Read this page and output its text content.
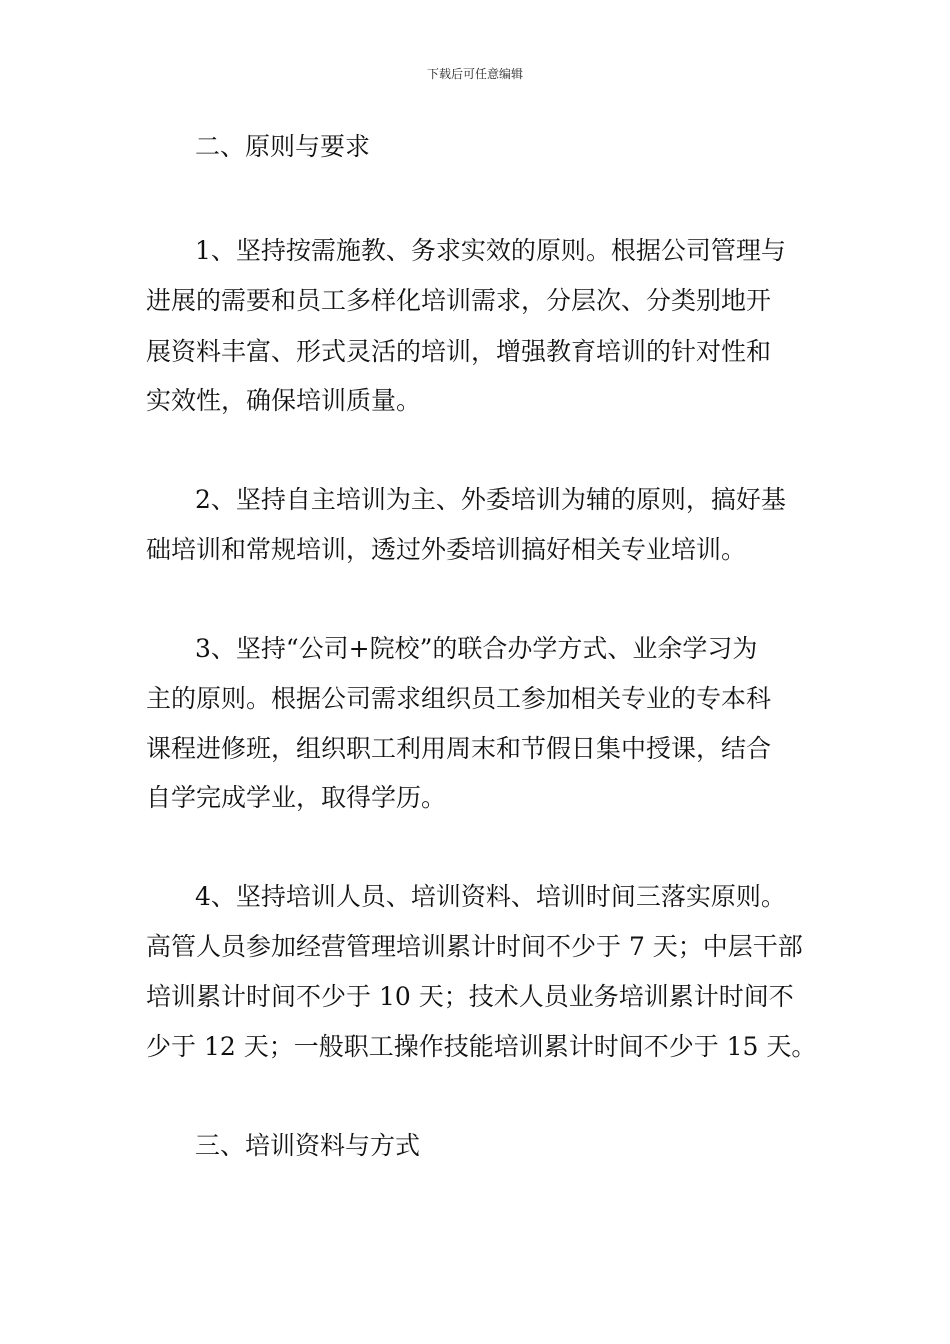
下载后可任意编辑
二、原则与要求
1、坚持按需施教、务求实效的原则。根据公司管理与
进展的需要和员工多样化培训需求，分层次、分类别地开
展资料丰富、形式灵活的培训，增强教育培训的针对性和
实效性，确保培训质量。
2、坚持自主培训为主、外委培训为辅的原则，搞好基
础培训和常规培训，透过外委培训搞好相关专业培训。
3、坚持“公司+院校”的联合办学方式、业余学习为
主的原则。根据公司需求组织员工参加相关专业的专本科
课程进修班，组织职工利用周末和节假日集中授课，结合
自学完成学业，取得学历。
4、坚持培训人员、培训资料、培训时间三落实原则。
高管人员参加经营管理培训累计时间不少于 7 天；中层干部
培训累计时间不少于 10 天；技术人员业务培训累计时间不
少于 12 天；一般职工操作技能培训累计时间不少于 15 天。
三、培训资料与方式
